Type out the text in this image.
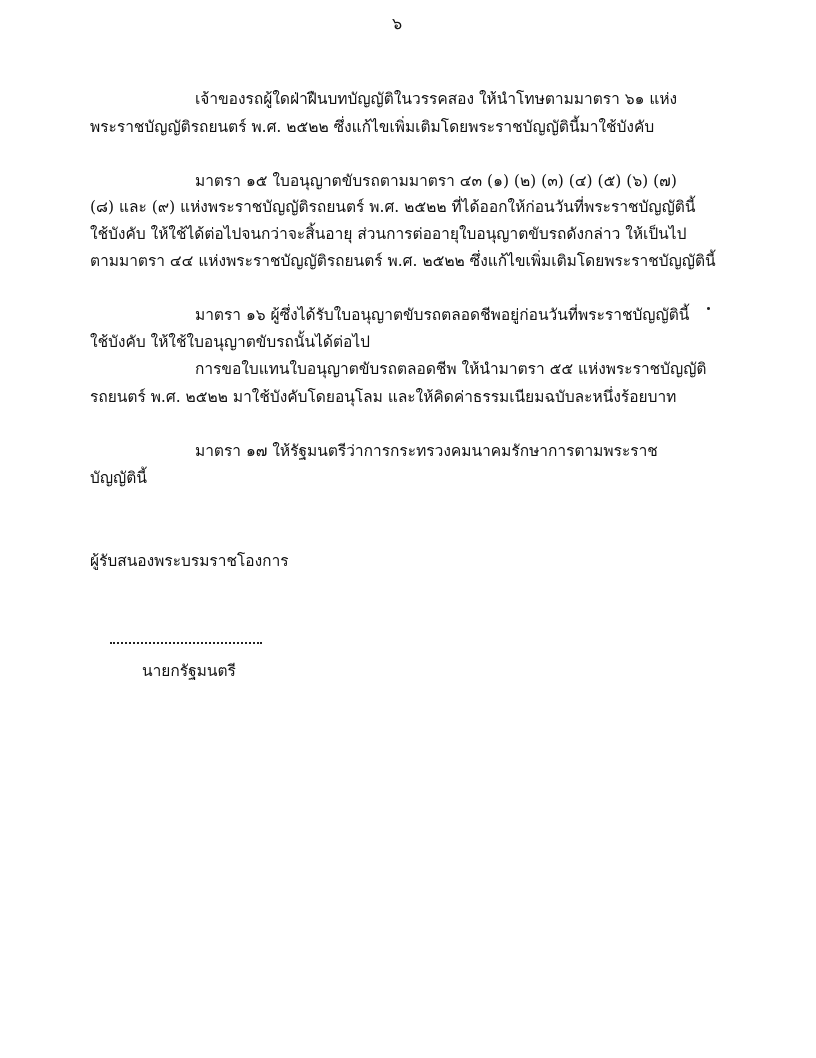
๖
เจ้าของรถผู้ใดฝ่าฝืนบทบัญญัติในวรรคสอง ให้นำโทษตามมาตรา ๖๑ แห่ง
พระราชบัญญัติรถยนตร์ พ.ศ. ๒๕๒๒ ซึ่งแก้ไขเพิ่มเติมโดยพระราชบัญญัตินี้มาใช้บังคับ
มาตรา ๑๕ ใบอนุญาตขับรถตามมาตรา ๔๓ (๑) (๒) (๓) (๔) (๕) (๖) (๗)
(๘) และ (๙) แห่งพระราชบัญญัติรถยนตร์ พ.ศ. ๒๕๒๒ ที่ได้ออกให้ก่อนวันที่พระราชบัญญัตินี้
ใช้บังคับ ให้ใช้ได้ต่อไปจนกว่าจะสิ้นอายุ ส่วนการต่ออายุใบอนุญาตขับรถดังกล่าว ให้เป็นไป
ตามมาตรา ๔๔ แห่งพระราชบัญญัติรถยนตร์ พ.ศ. ๒๕๒๒ ซึ่งแก้ไขเพิ่มเติมโดยพระราชบัญญัตินี้
มาตรา ๑๖ ผู้ซึ่งได้รับใบอนุญาตขับรถตลอดชีพอยู่ก่อนวันที่พระราชบัญญัตินี้
ใช้บังคับ ให้ใช้ใบอนุญาตขับรถนั้นได้ต่อไป
การขอใบแทนใบอนุญาตขับรถตลอดชีพ ให้นำมาตรา ๕๕ แห่งพระราชบัญญัติ
รถยนตร์ พ.ศ. ๒๕๒๒ มาใช้บังคับโดยอนุโลม และให้คิดค่าธรรมเนียมฉบับละหนึ่งร้อยบาท
มาตรา ๑๗ ให้รัฐมนตรีว่าการกระทรวงคมนาคมรักษาการตามพระราช
บัญญัตินี้
ผู้รับสนองพระบรมราชโองการ
นายกรัฐมนตรี
